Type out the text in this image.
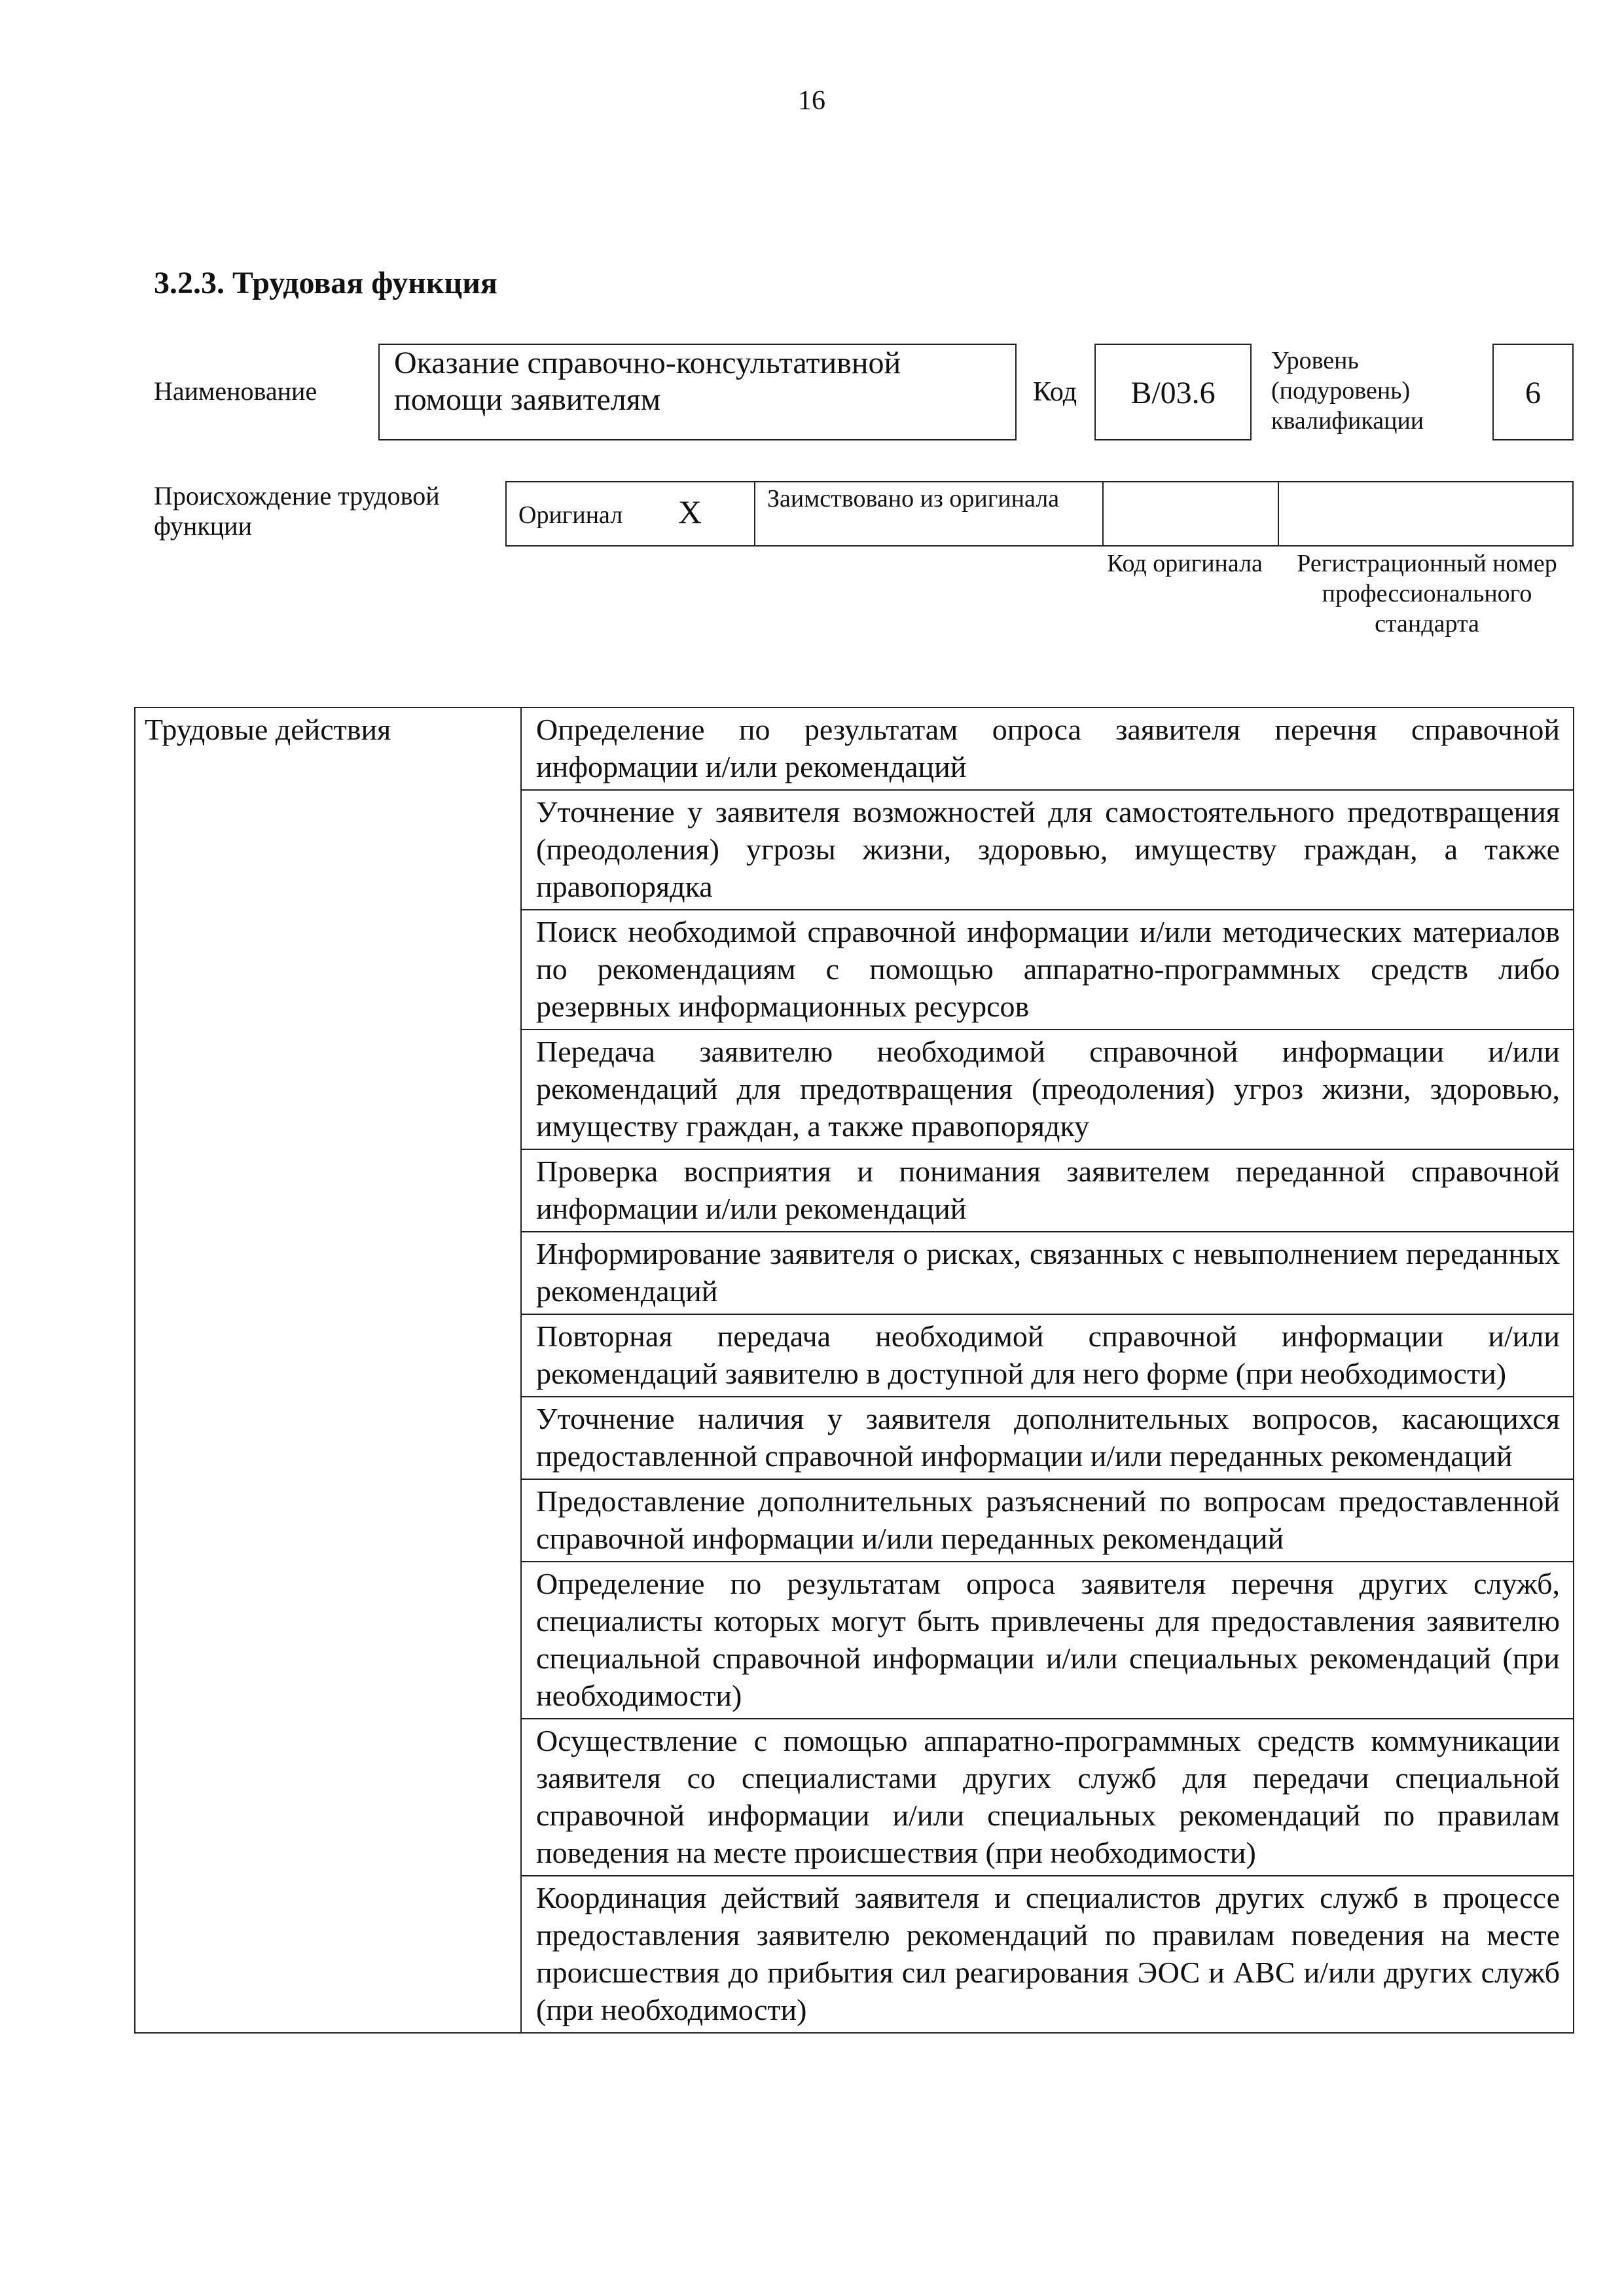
16
3.2.3. Трудовая функция
Наименование
Оказание справочно-консультативной помощи заявителям	Код	B/03.6
Уровень (подуровень) квалификации
6
Происхождение трудовой функции	Оригинал X	Заимствовано из оригинала
Код оригинала Регистрационный номер профессионального стандарта
Трудовые действия	Определение по результатам опроса заявителя перечня справочной информации и/или рекомендаций
Уточнение у заявителя возможностей для самостоятельного предотвращения (преодоления) угрозы жизни, здоровью, имуществу граждан, а также правопорядка
Поиск необходимой справочной информации и/или методических материалов по рекомендациям с помощью аппаратно-программных средств либо резервных информационных ресурсов
Передача заявителю необходимой справочной информации и/или рекомендаций для предотвращения (преодоления) угроз жизни, здоровью, имуществу граждан, а также правопорядку
Проверка восприятия и понимания заявителем переданной справочной информации и/или рекомендаций
Информирование заявителя о рисках, связанных с невыполнением переданных рекомендаций
Повторная передача необходимой справочной информации и/или рекомендаций заявителю в доступной для него форме (при необходимости)
Уточнение наличия у заявителя дополнительных вопросов, касающихся предоставленной справочной информации и/или переданных рекомендаций
Предоставление дополнительных разъяснений по вопросам предоставленной справочной информации и/или переданных рекомендаций
Определение по результатам опроса заявителя перечня других служб, специалисты которых могут быть привлечены для предоставления заявителю специальной справочной информации и/или специальных рекомендаций (при необходимости)
Осуществление с помощью аппаратно-программных средств коммуникации заявителя со специалистами других служб для передачи специальной справочной информации и/или специальных рекомендаций по правилам поведения на месте происшествия (при необходимости)
Координация действий заявителя и специалистов других служб в процессе предоставления заявителю рекомендаций по правилам поведения на месте происшествия до прибытия сил реагирования ЭОС и АВС и/или других служб (при необходимости)
